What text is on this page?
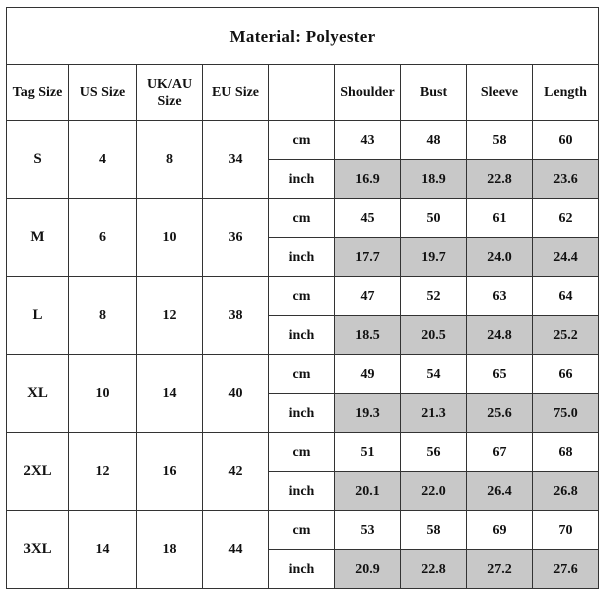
Material: Polyester								
Tag Size	US Size	UK/AU Size	EU Size		Shoulder	Bust	Sleeve	Length
S	4	8	34	cm	43	48	58	60
				inch	16.9	18.9	22.8	23.6
M	6	10	36	cm	45	50	61	62
				inch	17.7	19.7	24.0	24.4
L	8	12	38	cm	47	52	63	64
				inch	18.5	20.5	24.8	25.2
XL	10	14	40	cm	49	54	65	66
				inch	19.3	21.3	25.6	75.0
2XL	12	16	42	cm	51	56	67	68
				inch	20.1	22.0	26.4	26.8
3XL	14	18	44	cm	53	58	69	70
				inch	20.9	22.8	27.2	27.6
